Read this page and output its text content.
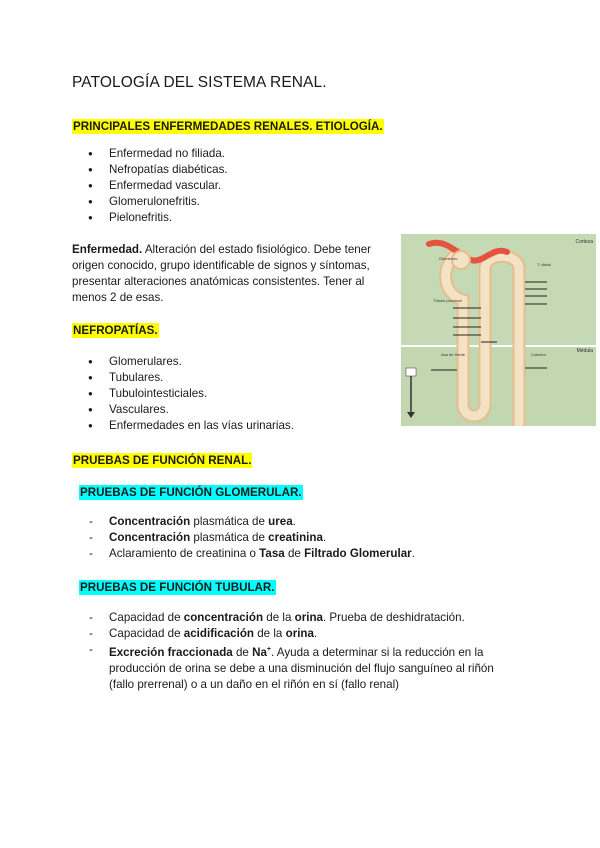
PATOLOGÍA DEL SISTEMA RENAL.
PRINCIPALES ENFERMEDADES RENALES. ETIOLOGÍA.
● Enfermedad no filiada.
● Nefropatías diabéticas.
● Enfermedad vascular.
● Glomerulonefritis.
● Pielonefritis.
Enfermedad. Alteración del estado fisiológico. Debe tener origen conocido, grupo identificable de signos y síntomas, presentar alteraciones anatómicas consistentes. Tener al menos 2 de esas.
NEFROPATÍAS.
● Glomerulares.
● Tubulares.
● Tubulointesticiales.
● Vasculares.
● Enfermedades en las vías urinarias.
PRUEBAS DE FUNCIÓN RENAL.
PRUEBAS DE FUNCIÓN GLOMERULAR.
- Concentración plasmática de urea.
- Concentración plasmática de creatinina.
- Aclaramiento de creatinina o Tasa de Filtrado Glomerular.
PRUEBAS DE FUNCIÓN TUBULAR.
- Capacidad de concentración de la orina. Prueba de deshidratación.
- Capacidad de acidificación de la orina.
- Excreción fraccionada de Na+. Ayuda a determinar si la reducción en la producción de orina se debe a una disminución del flujo sanguíneo al riñón (fallo prerrenal) o a un daño en el riñón en sí (fallo renal)
Corteza
Médula
Glomérulo
T. distal
Túbulo proximal
Colector
Asa de Henle
